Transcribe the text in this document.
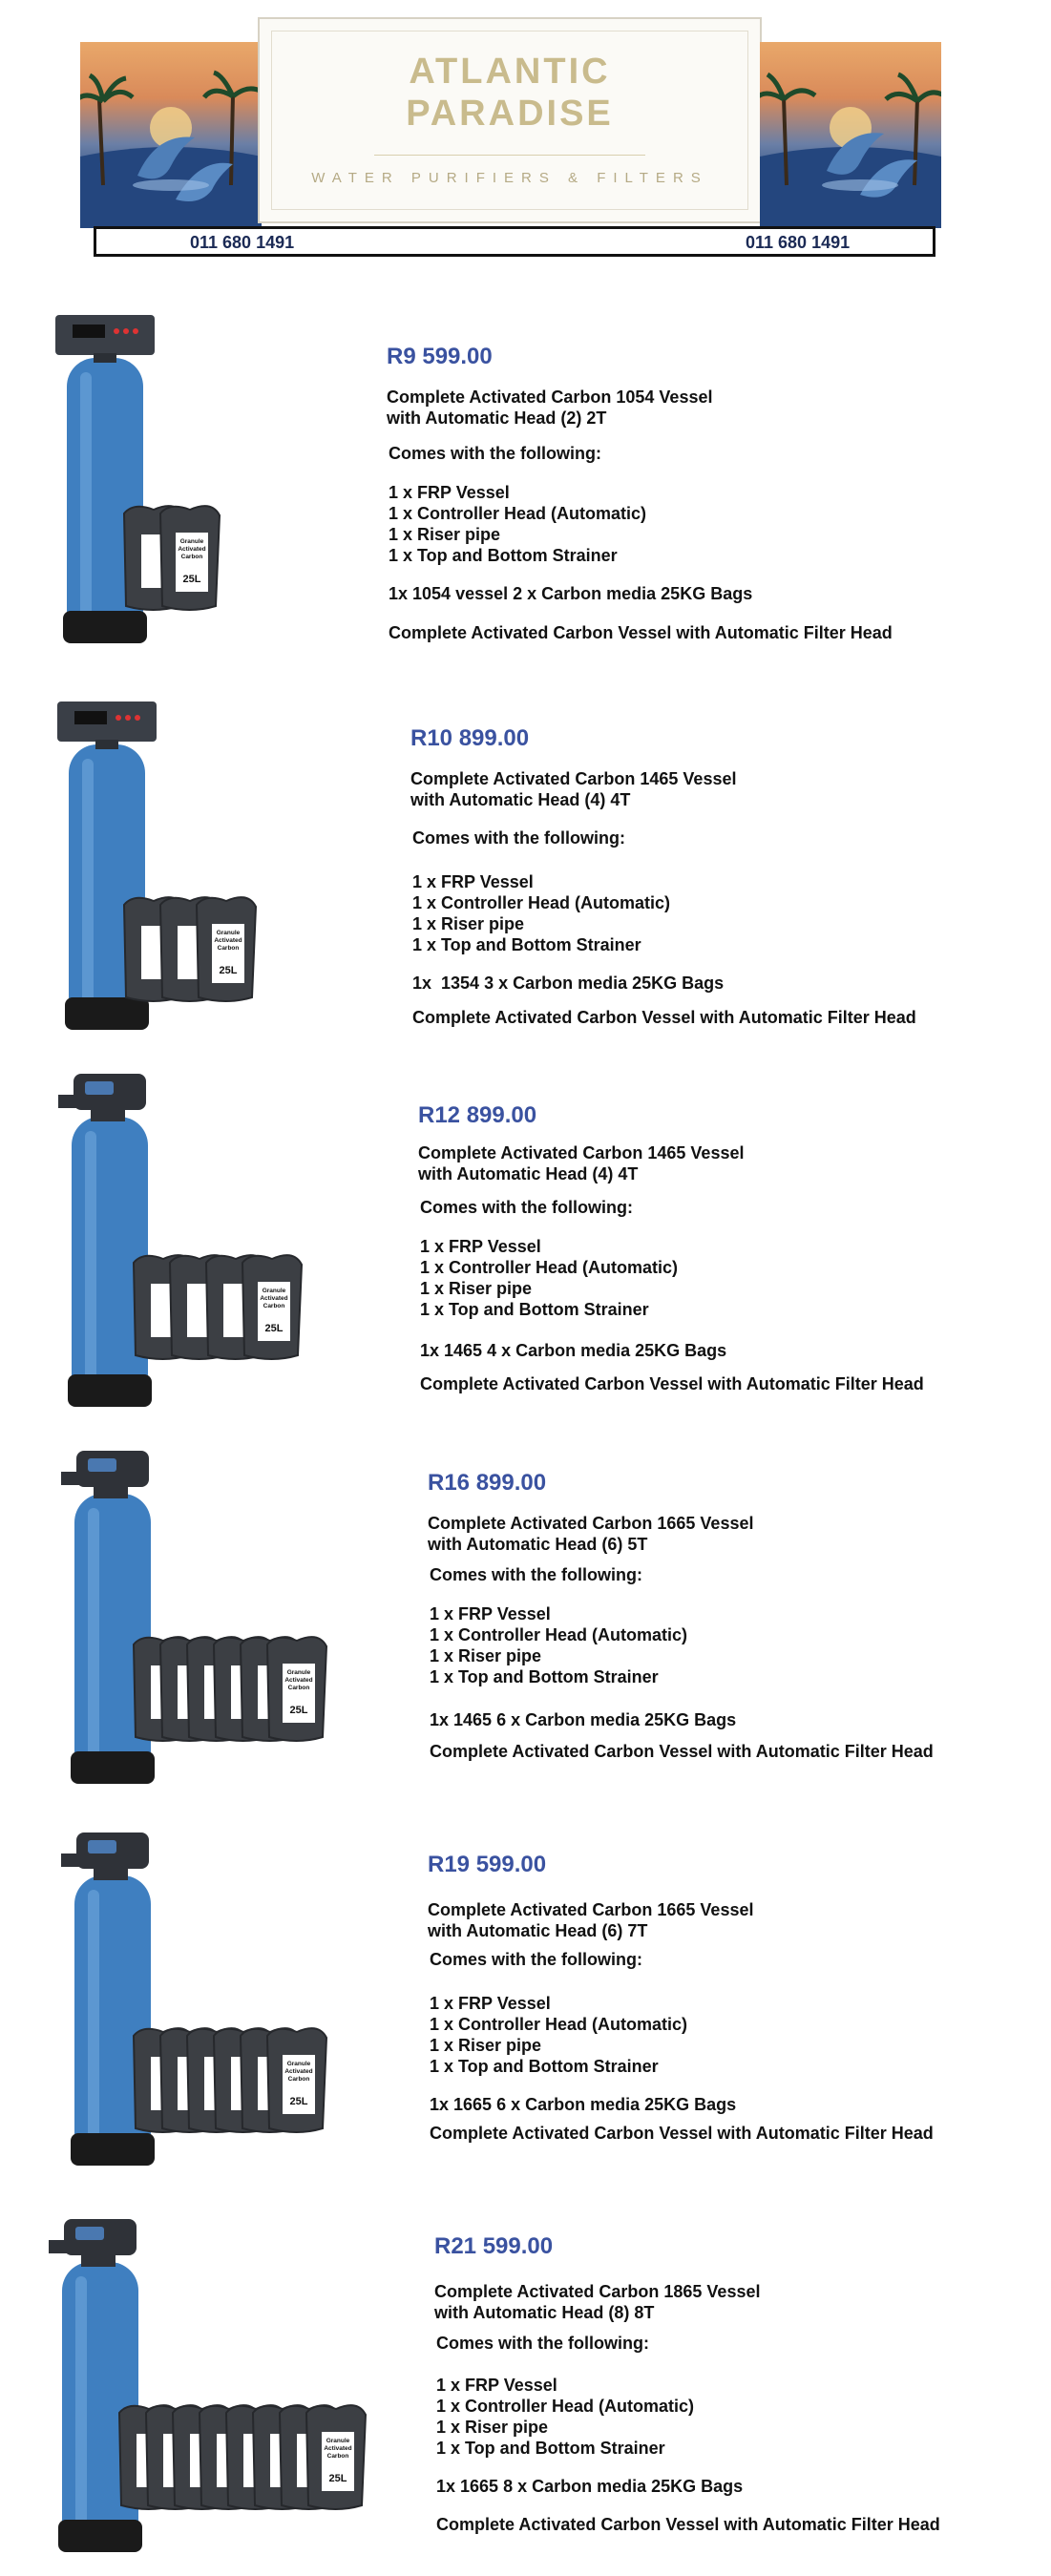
ATLANTIC
PARADISE
WATER PURIFIERS & FILTERS
011 680 1491	011 680 1491
Granule
Activated
Carbon
25L
R9 599.00
Complete Activated Carbon 1054 Vessel
with Automatic Head (2) 2T
Comes with the following:
1 x FRP Vessel
1 x Controller Head (Automatic)
1 x Riser pipe
1 x Top and Bottom Strainer
1x 1054 vessel 2 x Carbon media 25KG Bags
Complete Activated Carbon Vessel with Automatic Filter Head
Granule
Activated
Carbon
25L
R10 899.00
Complete Activated Carbon 1465 Vessel
with Automatic Head (4) 4T
Comes with the following:
1 x FRP Vessel
1 x Controller Head (Automatic)
1 x Riser pipe
1 x Top and Bottom Strainer
1x  1354 3 x Carbon media 25KG Bags
Complete Activated Carbon Vessel with Automatic Filter Head
Granule
Activated
Carbon
25L
R12 899.00
Complete Activated Carbon 1465 Vessel
with Automatic Head (4) 4T
Comes with the following:
1 x FRP Vessel
1 x Controller Head (Automatic)
1 x Riser pipe
1 x Top and Bottom Strainer
1x 1465 4 x Carbon media 25KG Bags
Complete Activated Carbon Vessel with Automatic Filter Head
Granule
Activated
Carbon
25L
R16 899.00
Complete Activated Carbon 1665 Vessel
with Automatic Head (6) 5T
Comes with the following:
1 x FRP Vessel
1 x Controller Head (Automatic)
1 x Riser pipe
1 x Top and Bottom Strainer
1x 1465 6 x Carbon media 25KG Bags
Complete Activated Carbon Vessel with Automatic Filter Head
Granule
Activated
Carbon
25L
R19 599.00
Complete Activated Carbon 1665 Vessel
with Automatic Head (6) 7T
Comes with the following:
1 x FRP Vessel
1 x Controller Head (Automatic)
1 x Riser pipe
1 x Top and Bottom Strainer
1x 1665 6 x Carbon media 25KG Bags
Complete Activated Carbon Vessel with Automatic Filter Head
Granule
Activated
Carbon
25L
R21 599.00
Complete Activated Carbon 1865 Vessel
with Automatic Head (8) 8T
Comes with the following:
1 x FRP Vessel
1 x Controller Head (Automatic)
1 x Riser pipe
1 x Top and Bottom Strainer
1x 1665 8 x Carbon media 25KG Bags
Complete Activated Carbon Vessel with Automatic Filter Head
